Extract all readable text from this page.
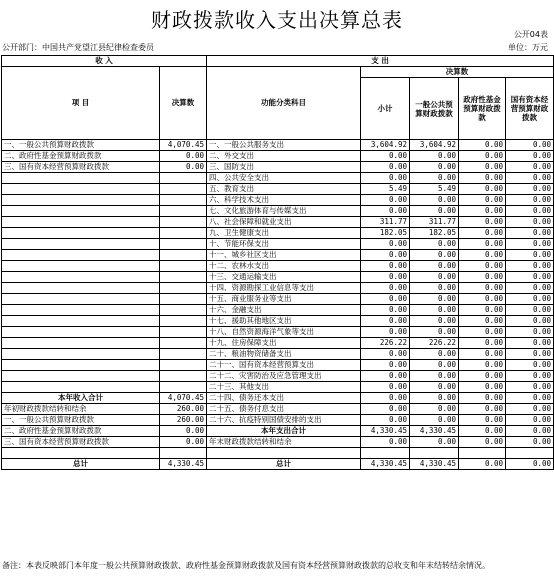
财政拨款收入支出决算总表
公开04表
公开部门：中国共产党望江县纪律检查委员	单位：万元
收 入		支 出				
项 目	决算数	功能分类科目	决算数			
			小计	一般公共预算财政拨款	政府性基金预算财政拨款	国有资本经营预算财政拨款
一、一般公共预算财政拨款	4,070.45	一、一般公共服务支出	3,604.92	3,604.92	0.00	0.00
二、政府性基金预算财政拨款	0.00	二、外交支出	0.00	0.00	0.00	0.00
三、国有资本经营预算财政拨款	0.00	三、国防支出	0.00	0.00	0.00	0.00
		四、公共安全支出	0.00	0.00	0.00	0.00
		五、教育支出	5.49	5.49	0.00	0.00
		六、科学技术支出	0.00	0.00	0.00	0.00
		七、文化旅游体育与传媒支出	0.00	0.00	0.00	0.00
		八、社会保障和就业支出	311.77	311.77	0.00	0.00
		九、卫生健康支出	182.05	182.05	0.00	0.00
		十、节能环保支出	0.00	0.00	0.00	0.00
		十一、城乡社区支出	0.00	0.00	0.00	0.00
		十二、农林水支出	0.00	0.00	0.00	0.00
		十三、交通运输支出	0.00	0.00	0.00	0.00
		十四、资源勘探工业信息等支出	0.00	0.00	0.00	0.00
		十五、商业服务业等支出	0.00	0.00	0.00	0.00
		十六、金融支出	0.00	0.00	0.00	0.00
		十七、援助其他地区支出	0.00	0.00	0.00	0.00
		十八、自然资源海洋气象等支出	0.00	0.00	0.00	0.00
		十九、住房保障支出	226.22	226.22	0.00	0.00
		二十、粮油物资储备支出	0.00	0.00	0.00	0.00
		二十一、国有资本经营预算支出	0.00	0.00	0.00	0.00
		二十二、灾害防治及应急管理支出	0.00	0.00	0.00	0.00
		二十三、其他支出	0.00	0.00	0.00	0.00
本年收入合计	4,070.45	二十四、债务还本支出	0.00	0.00	0.00	0.00
年初财政拨款结转和结余	260.00	二十五、债务付息支出	0.00	0.00	0.00	0.00
一、一般公共预算财政拨款	260.00	二十六、抗疫特别国债安排的支出	0.00	0.00	0.00	0.00
二、政府性基金预算财政拨款	0.00	本年支出合计	4,330.45	4,330.45	0.00	0.00
三、国有资本经营预算财政拨款	0.00	年末财政拨款结转和结余	0.00	0.00	0.00	0.00

总计	4,330.45	总计	4,330.45	4,330.45	0.00	0.00
备注：本表反映部门本年度一般公共预算财政拨款、政府性基金预算财政拨款及国有资本经营预算财政拨款的总收支和年末结转结余情况。
